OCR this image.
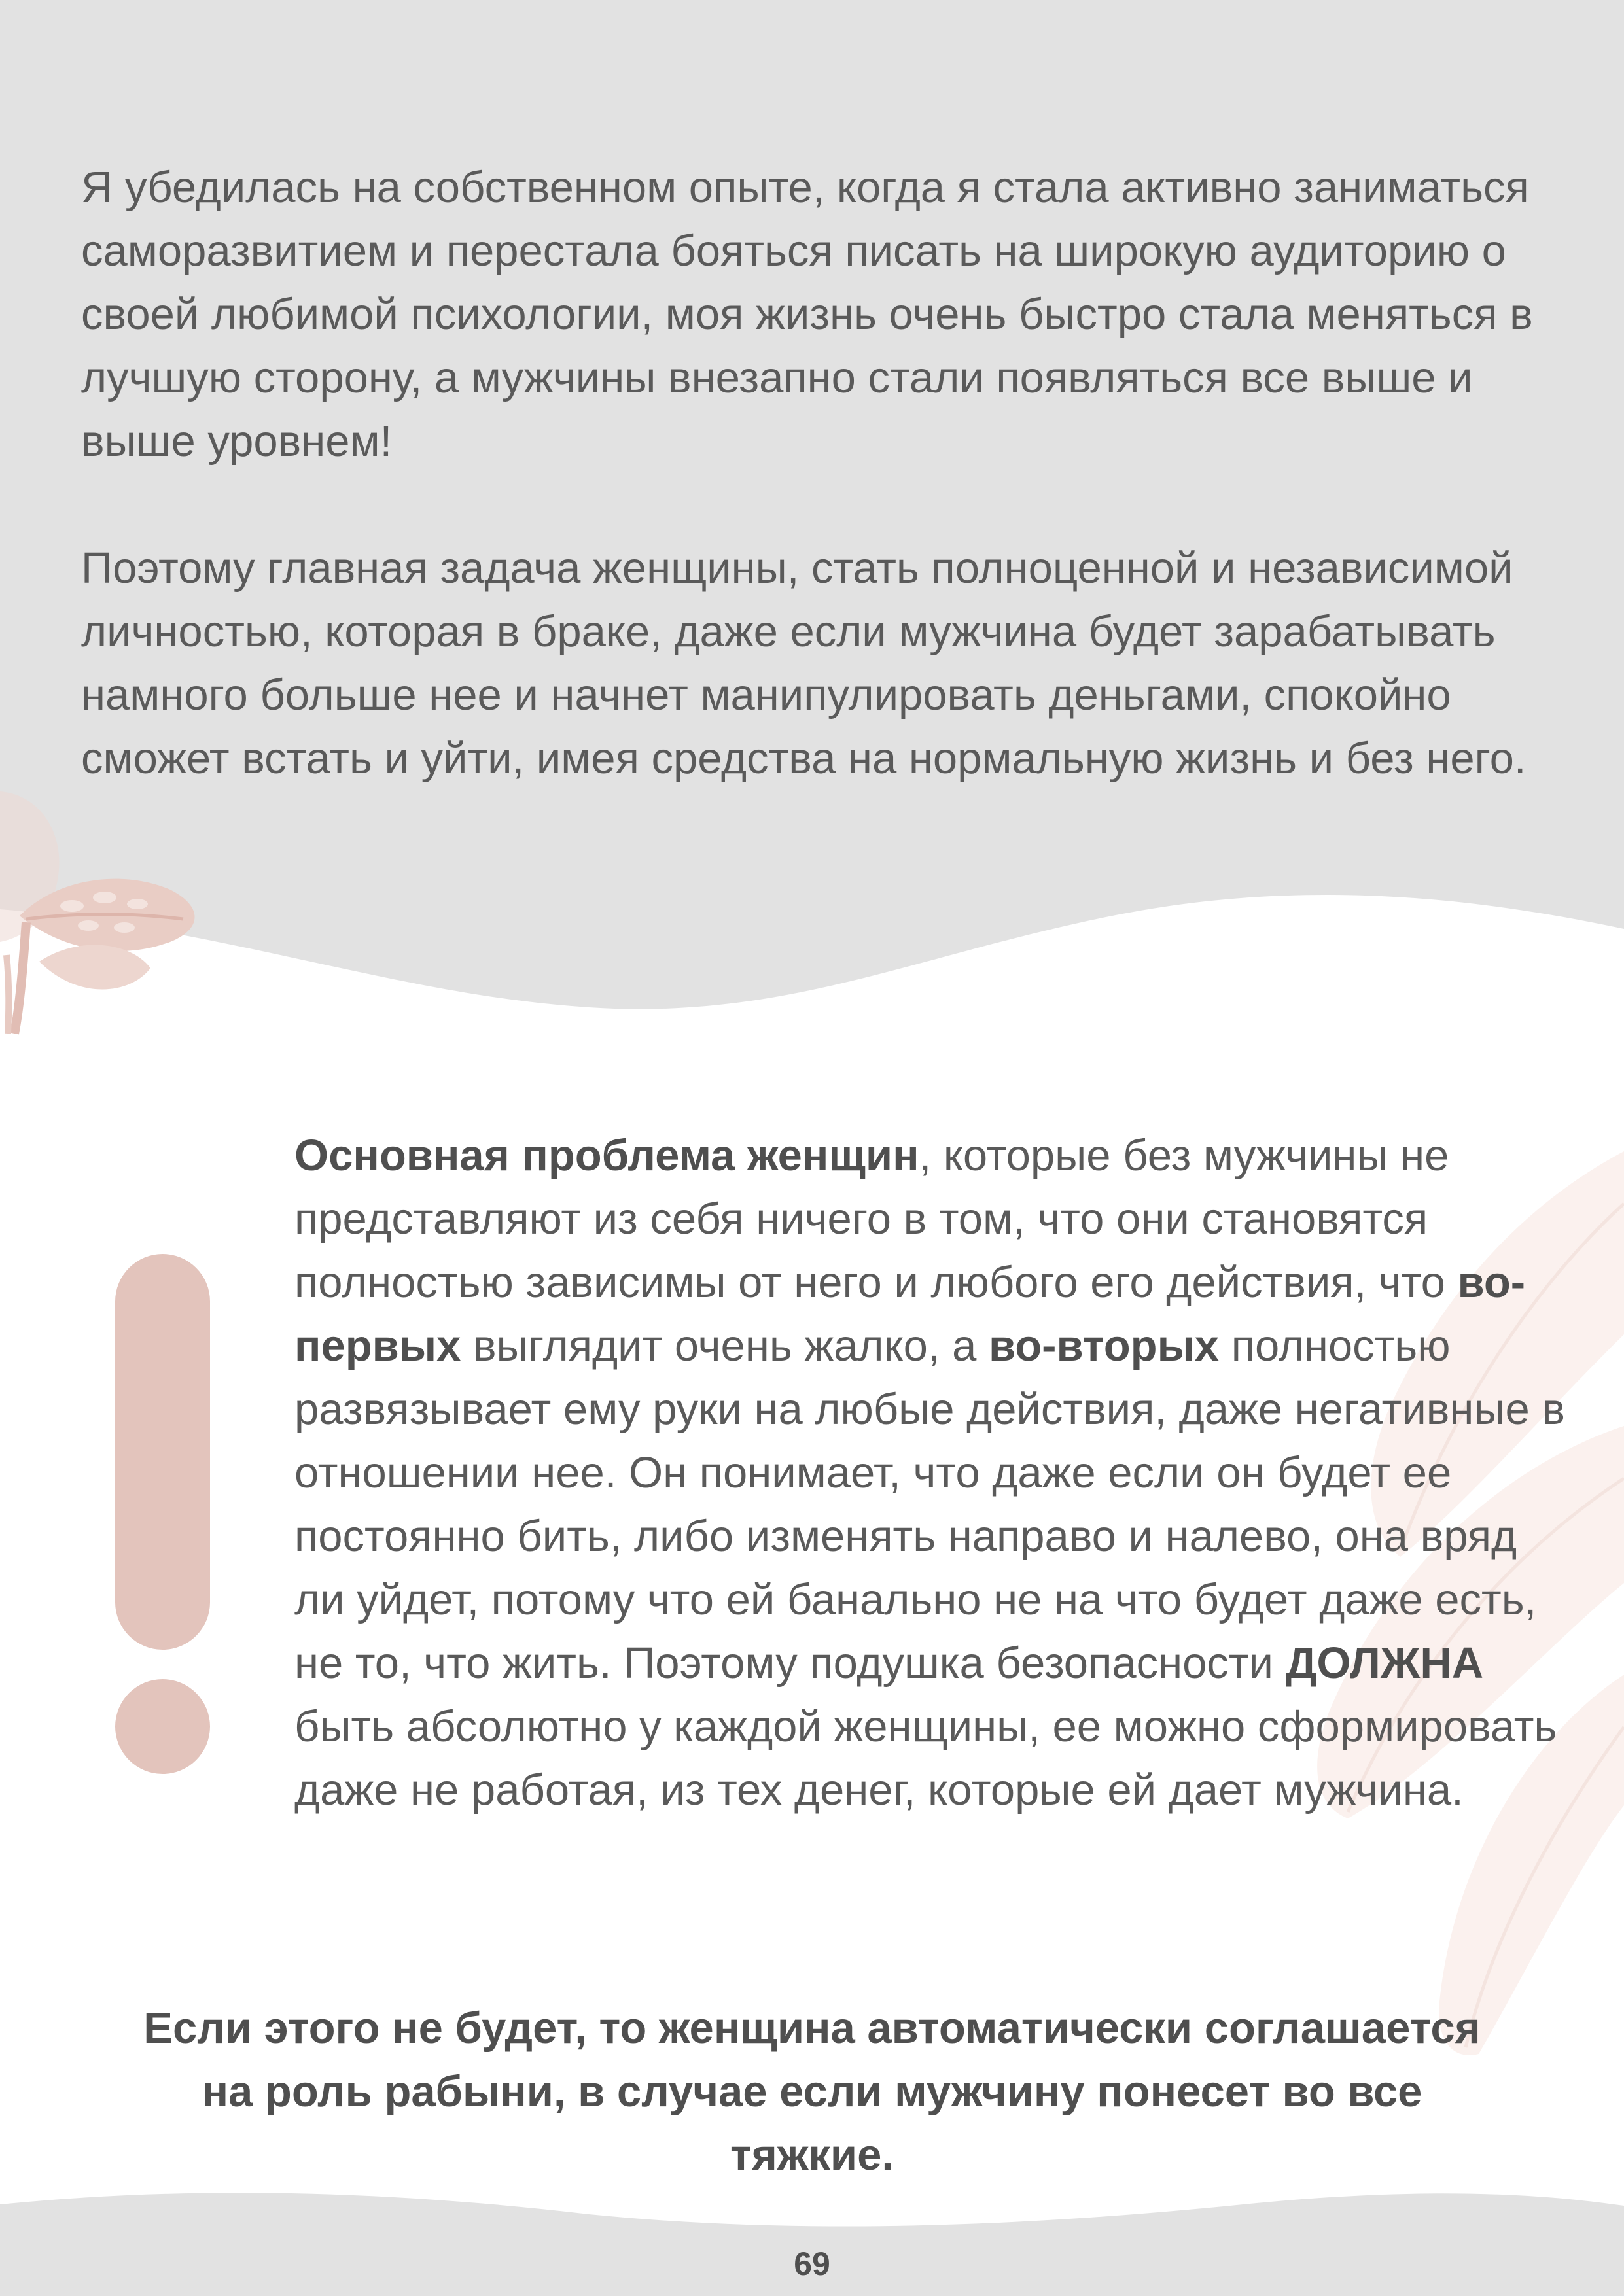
Я убедилась на собственном опыте, когда я стала активно заниматься саморазвитием и перестала бояться писать на широкую аудиторию о своей любимой психологии, моя жизнь очень быстро стала меняться в лучшую сторону, а мужчины внезапно стали появляться все выше и выше уровнем!

Поэтому главная задача женщины, стать полноценной и независимой личностью, которая в браке, даже если мужчина будет зарабатывать намного больше нее и начнет манипулировать деньгами, спокойно сможет встать и уйти, имея средства на нормальную жизнь и без него.

Основная проблема женщин, которые без мужчины не представляют из себя ничего в том, что они становятся полностью зависимы от него и любого его действия, что во-первых выглядит очень жалко, а во-вторых полностью развязывает ему руки на любые действия, даже негативные в отношении нее. Он понимает, что даже если он будет ее постоянно бить, либо изменять направо и налево, она вряд ли уйдет, потому что ей банально не на что будет даже есть, не то, что жить. Поэтому подушка безопасности ДОЛЖНА быть абсолютно у каждой женщины, ее можно сформировать даже не работая, из тех денег, которые ей дает мужчина.

Если этого не будет, то женщина автоматически соглашается на роль рабыни, в случае если мужчину понесет во все тяжкие.
69
